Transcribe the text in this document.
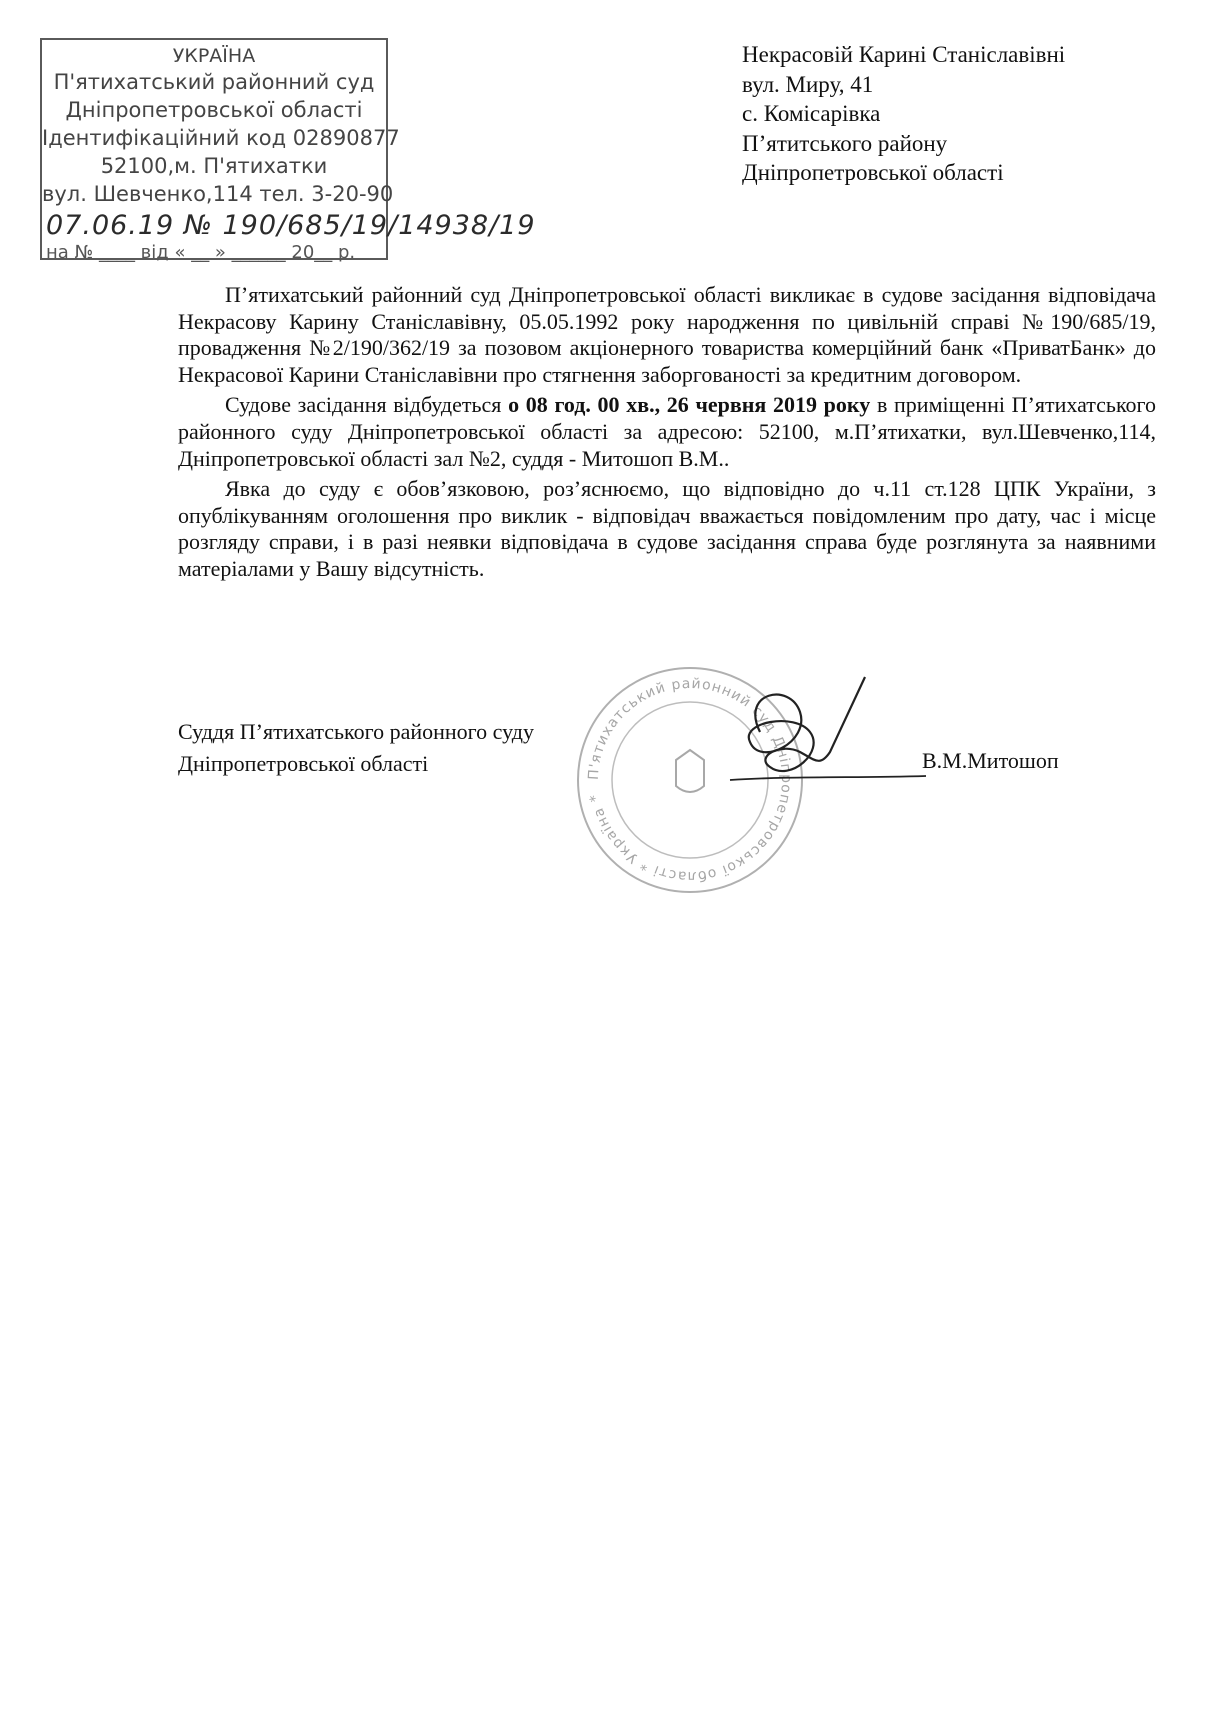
УКРАЇНА
П'ятихатський районний суд
Дніпропетровської області
Ідентифікаційний код 02890877
52100,м. П'ятихатки
вул. Шевченко,114 тел. 3-20-90
07.06.19 № 190/685/19/14938/19
на № ____ від « __ » ______ 20__ р.
Некрасовій Карині Станіславівні
вул. Миру, 41
с. Комісарівка
П’ятитського району
Дніпропетровської області

П’ятихатський районний суд Дніпропетровської області викликає в судове засідання відповідача Некрасову Карину Станіславівну, 05.05.1992 року народження по цивільній справі №190/685/19, провадження №2/190/362/19 за позовом акціонерного товариства комерційний банк «ПриватБанк» до Некрасової Карини Станіславівни про стягнення заборгованості за кредитним договором.

Судове засідання відбудеться о 08 год. 00 хв., 26 червня 2019 року в приміщенні П’ятихатського районного суду Дніпропетровської області за адресою: 52100, м.П’ятихатки, вул.Шевченко,114, Дніпропетровської області зал №2, суддя - Митошоп В.М..

Явка до суду є обов’язковою, роз’яснюємо, що відповідно до ч.11 ст.128 ЦПК України, з опублікуванням оголошення про виклик - відповідач вважається повідомленим про дату, час і місце розгляду справи, і в разі неявки відповідача в судове засідання справа буде розглянута за наявними матеріалами у Вашу відсутність.

П'ятихатський районний суд Дніпропетровської області * Україна *
Суддя П’ятихатського районного суду
Дніпропетровської області	В.М.Митошоп
